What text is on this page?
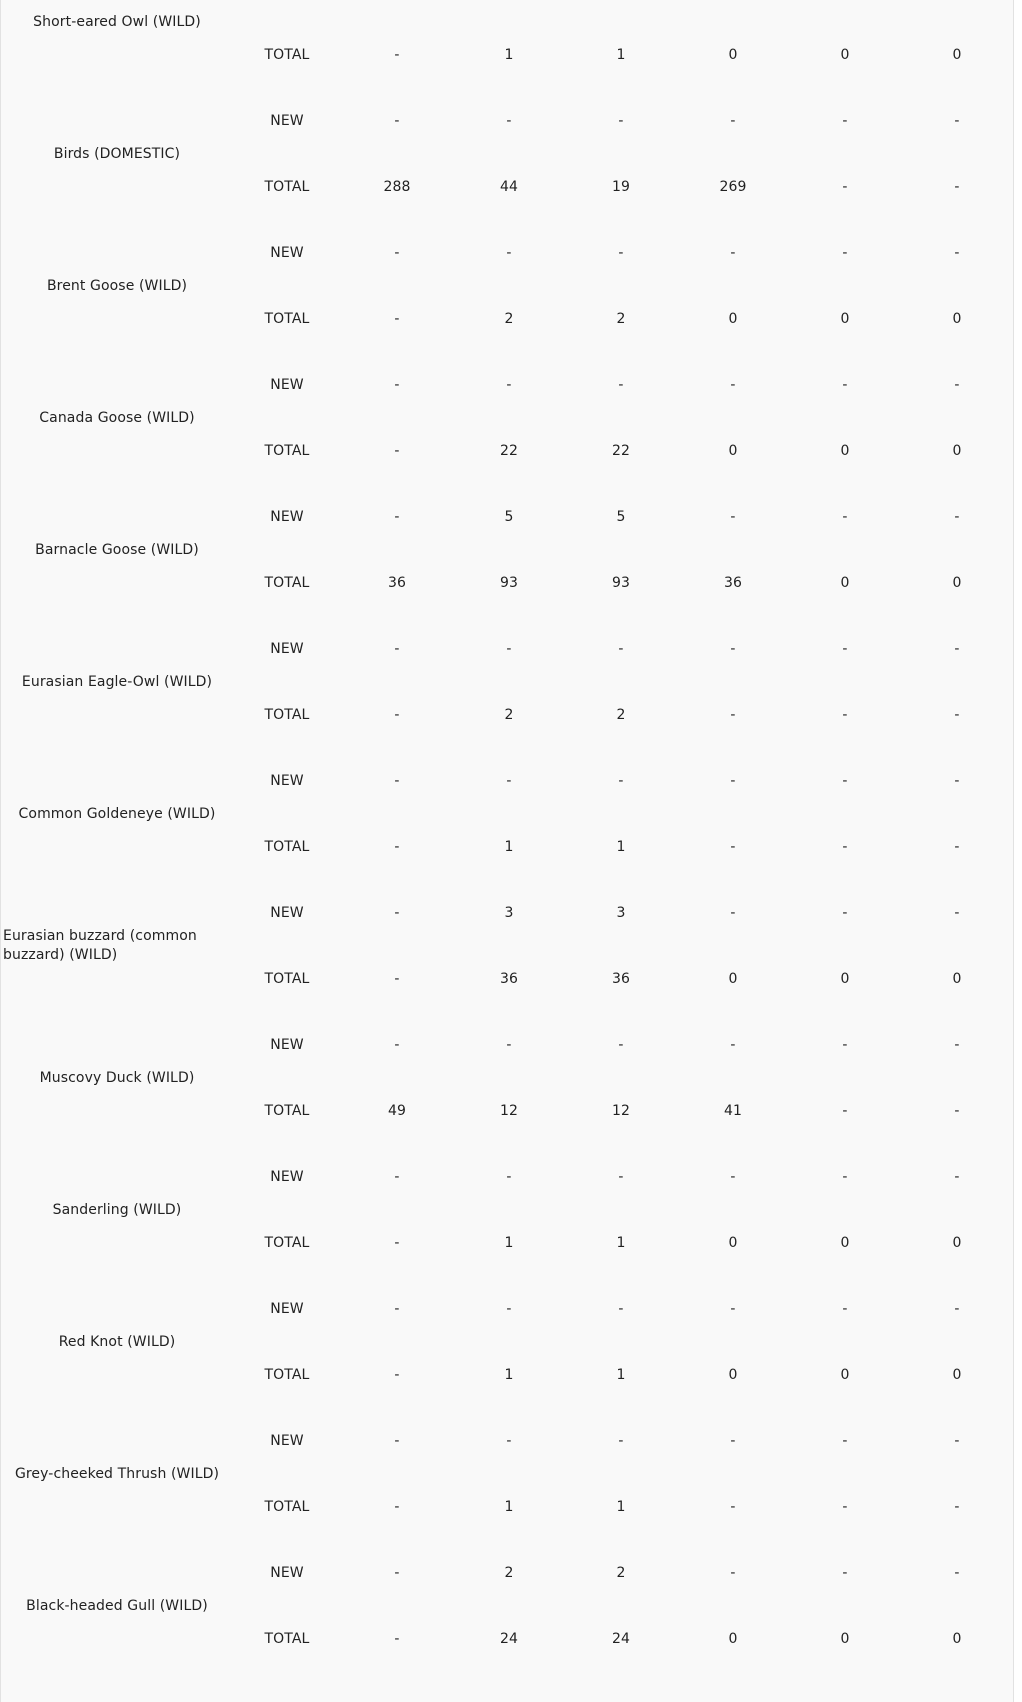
Short-eared Owl (WILD)							
	TOTAL	-	1	1	0	0	0
Birds (DOMESTIC)	NEW	-	-	-	-	-	-
	TOTAL	288	44	19	269	-	-
Brent Goose (WILD)	NEW	-	-	-	-	-	-
	TOTAL	-	2	2	0	0	0
Canada Goose (WILD)	NEW	-	-	-	-	-	-
	TOTAL	-	22	22	0	0	0
Barnacle Goose (WILD)	NEW	-	5	5	-	-	-
	TOTAL	36	93	93	36	0	0
Eurasian Eagle-Owl (WILD)	NEW	-	-	-	-	-	-
	TOTAL	-	2	2	-	-	-
Common Goldeneye (WILD)	NEW	-	-	-	-	-	-
	TOTAL	-	1	1	-	-	-
Eurasian buzzard (common buzzard) (WILD)	NEW	-	3	3	-	-	-
	TOTAL	-	36	36	0	0	0
Muscovy Duck (WILD)	NEW	-	-	-	-	-	-
	TOTAL	49	12	12	41	-	-
Sanderling (WILD)	NEW	-	-	-	-	-	-
	TOTAL	-	1	1	0	0	0
Red Knot (WILD)	NEW	-	-	-	-	-	-
	TOTAL	-	1	1	0	0	0
Grey-cheeked Thrush (WILD)	NEW	-	-	-	-	-	-
	TOTAL	-	1	1	-	-	-
Black-headed Gull (WILD)	NEW	-	2	2	-	-	-
	TOTAL	-	24	24	0	0	0
